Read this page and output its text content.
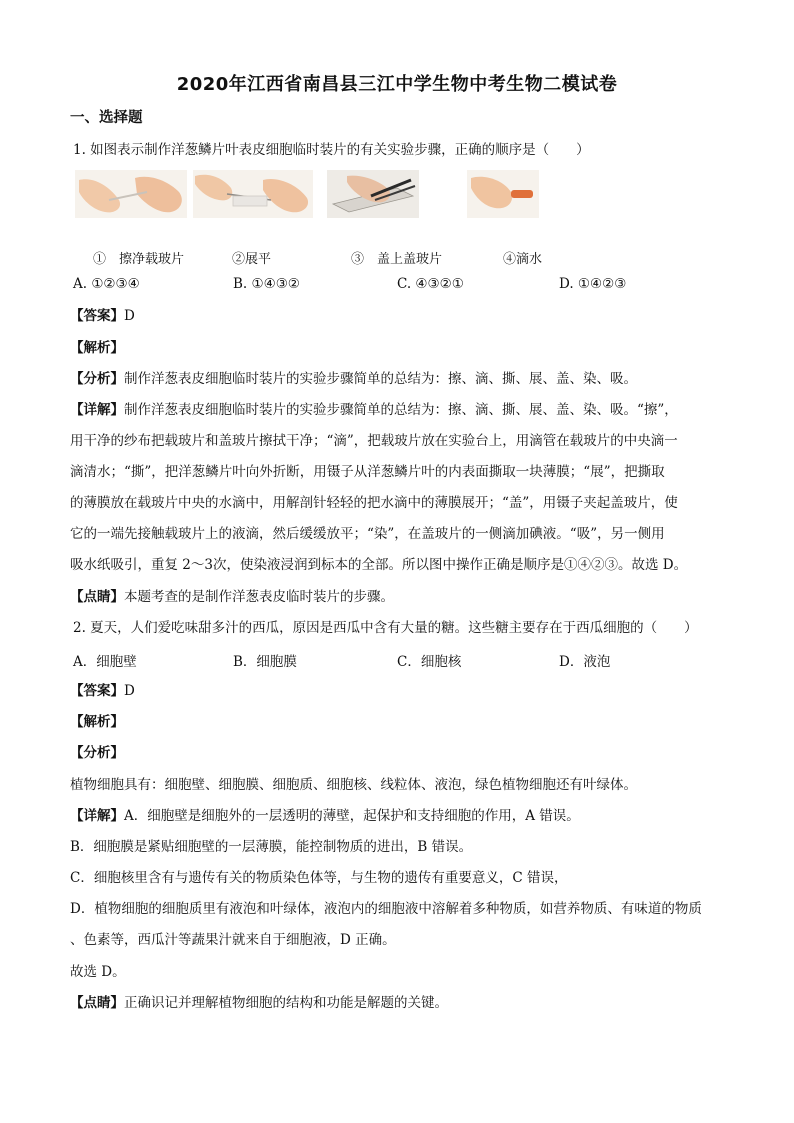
2020年江西省南昌县三江中学生物中考生物二模试卷
一、选择题
1. 如图表示制作洋葱鳞片叶表皮细胞临时装片的有关实验步骤，正确的顺序是（　　）
①　擦净载玻片	②展平	③　盖上盖玻片	④滴水
A. ①②③④	B. ①④③②	C. ④③②①	D. ①④②③
【答案】D
【解析】
【分析】制作洋葱表皮细胞临时装片的实验步骤简单的总结为：擦、滴、撕、展、盖、染、吸。
【详解】制作洋葱表皮细胞临时装片的实验步骤简单的总结为：擦、滴、撕、展、盖、染、吸。“擦”，
用干净的纱布把载玻片和盖玻片擦拭干净；“滴”，把载玻片放在实验台上，用滴管在载玻片的中央滴一
滴清水；“撕”，把洋葱鳞片叶向外折断，用镊子从洋葱鳞片叶的内表面撕取一块薄膜；“展”，把撕取
的薄膜放在载玻片中央的水滴中，用解剖针轻轻的把水滴中的薄膜展开；“盖”，用镊子夹起盖玻片，使
它的一端先接触载玻片上的液滴，然后缓缓放平；“染”，在盖玻片的一侧滴加碘液。“吸”，另一侧用
吸水纸吸引，重复 2～3次，使染液浸润到标本的全部。所以图中操作正确是顺序是①④②③。故选 D。
【点睛】本题考查的是制作洋葱表皮临时装片的步骤。
2. 夏天，人们爱吃味甜多汁的西瓜，原因是西瓜中含有大量的糖。这些糖主要存在于西瓜细胞的（　　）
A．细胞壁	B．细胞膜	C．细胞核	D．液泡
【答案】D
【解析】
【分析】
植物细胞具有：细胞壁、细胞膜、细胞质、细胞核、线粒体、液泡，绿色植物细胞还有叶绿体。
【详解】A．细胞壁是细胞外的一层透明的薄壁，起保护和支持细胞的作用，A 错误。
B．细胞膜是紧贴细胞壁的一层薄膜，能控制物质的进出，B 错误。
C．细胞核里含有与遗传有关的物质染色体等，与生物的遗传有重要意义，C 错误，
D．植物细胞的细胞质里有液泡和叶绿体，液泡内的细胞液中溶解着多种物质，如营养物质、有味道的物质
、色素等，西瓜汁等蔬果汁就来自于细胞液，D 正确。
故选 D。
【点睛】正确识记并理解植物细胞的结构和功能是解题的关键。
